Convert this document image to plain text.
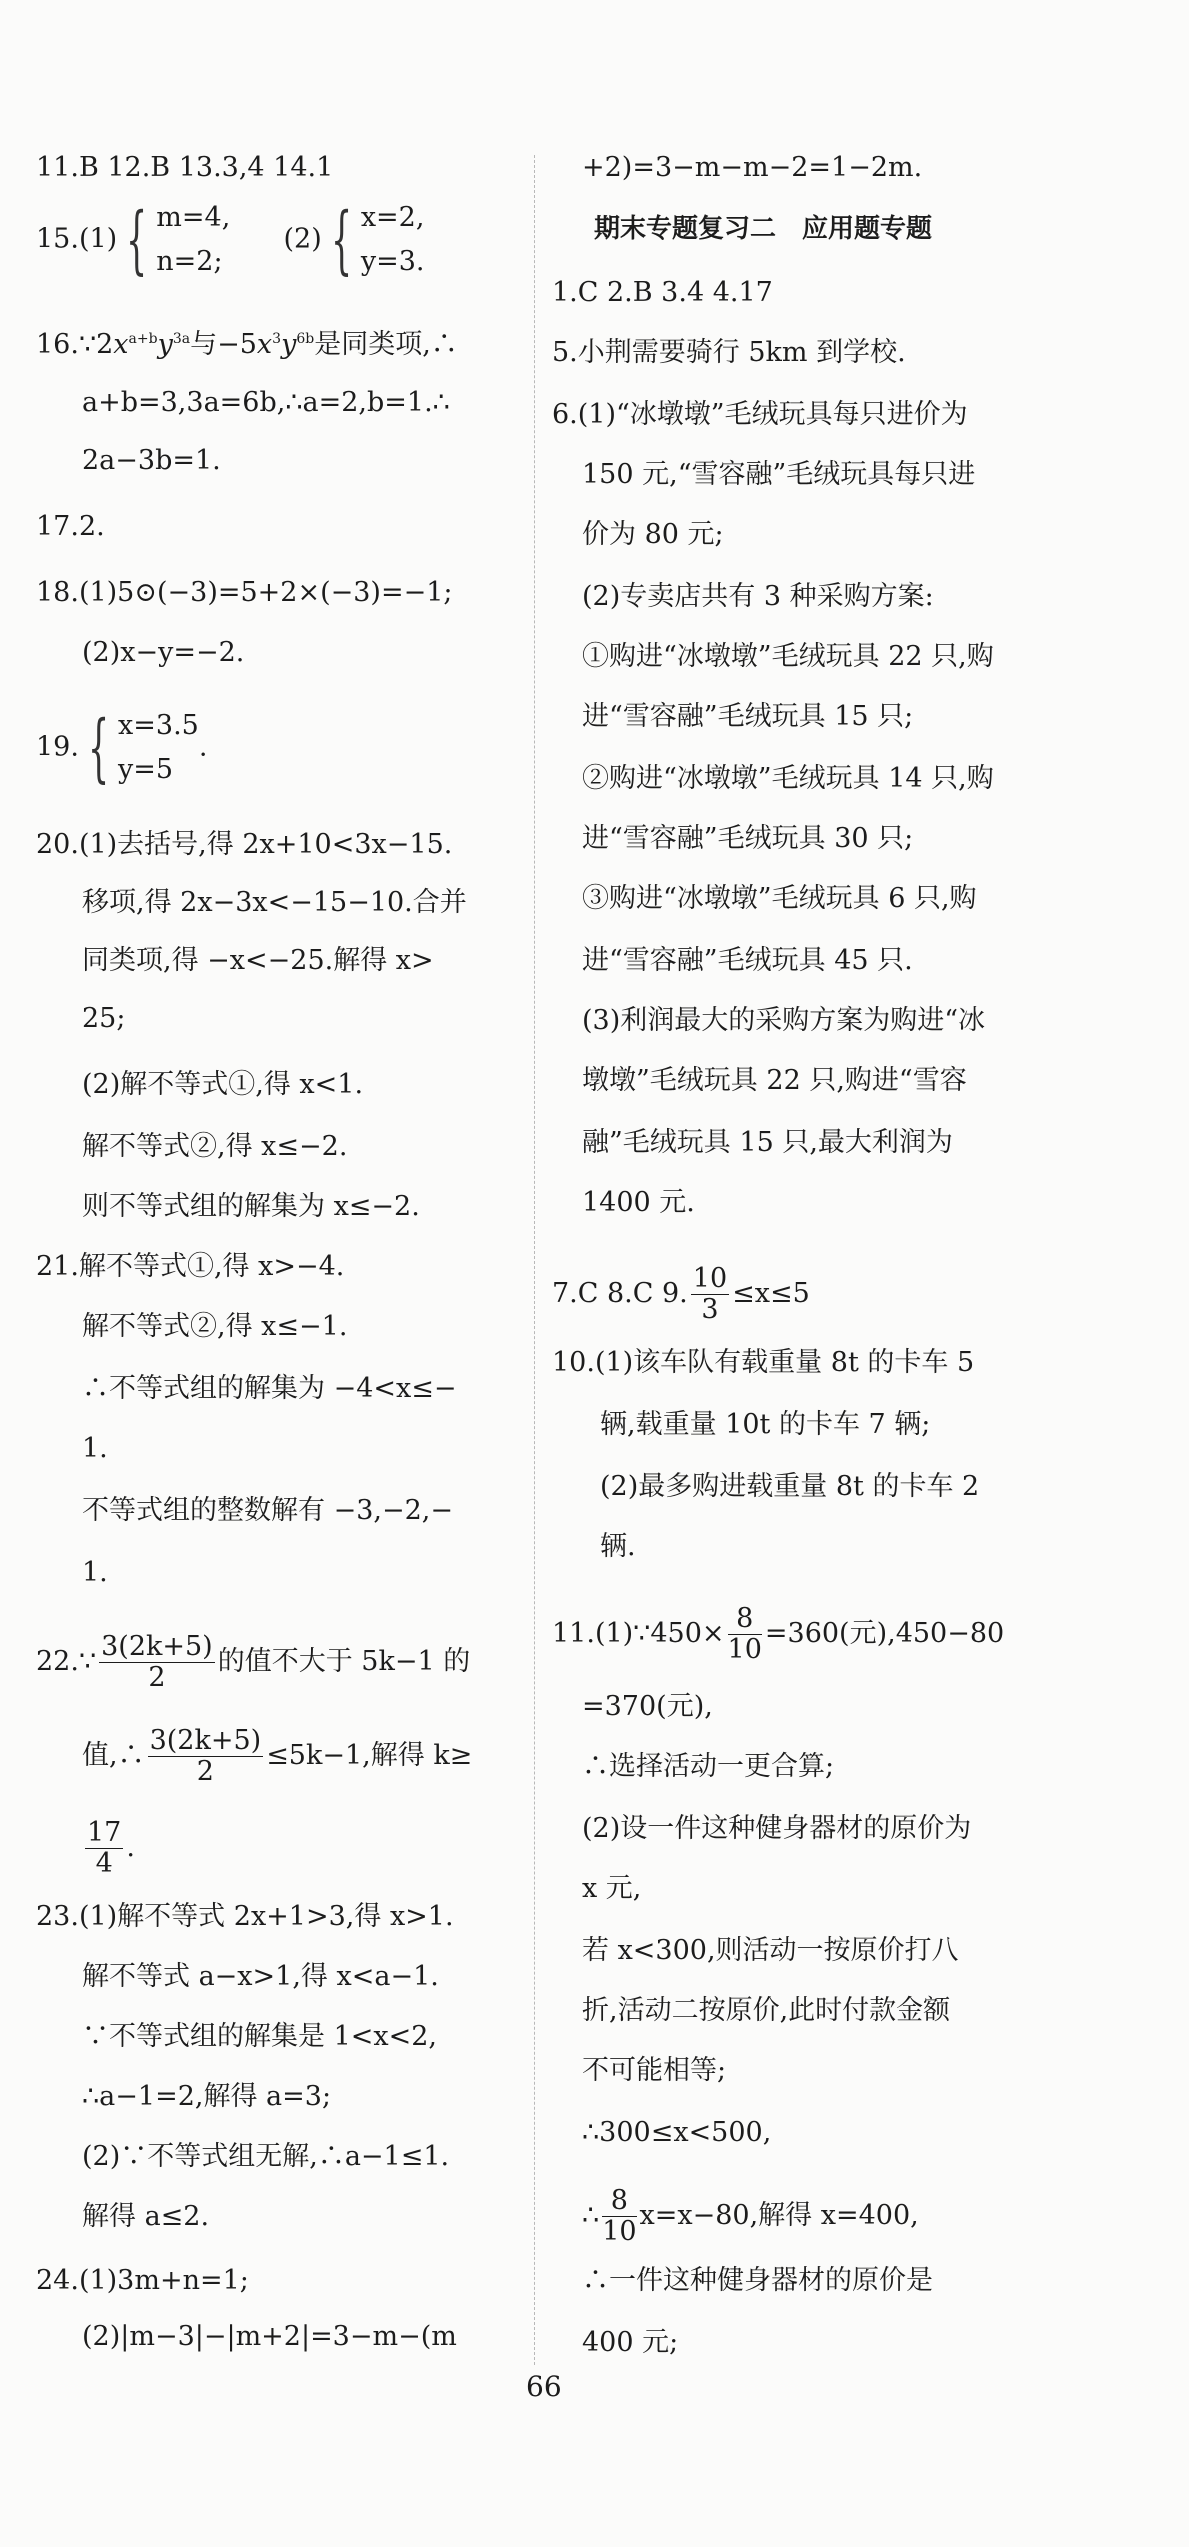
11.B 12.B 13.3,4 14.1
15.(1) { m=4,
n=2;
(2) { x=2,
y=3.
$16.\because 2x^{a+b}y^{3a}$与$-5x^3y^{6b}$是同类项,∴
a+b=3,3a=6b,∴a=2,b=1.∴
2a−3b=1.
17.2.
18.(1)5⊙(−3)=5+2×(−3)=−1;
(2)x−y=−2.
19. { x=3.5
y=5
.
20.(1)去括号,得 2x+10<3x−15.
移项,得 2x−3x<−15−10.合并
同类项,得 −x<−25.解得 x>
25;
(2)解不等式①,得 x<1.
解不等式②,得 x≤−2.
则不等式组的解集为 x≤−2.
21.解不等式①,得 x>−4.
解不等式②,得 x≤−1.
∴不等式组的解集为 −4<x≤−
1.
不等式组的整数解有 −3,−2,−
1.
22.∵ $\frac{3(2k+5)}{2}$ 的值不大于 5k−1 的
值,∴ $\frac{3(2k+5)}{2} \le 5k-1$,解得 k≥
$\frac{17}{4}$ .
23.(1)解不等式 2x+1>3,得 x>1.
解不等式 a−x>1,得 x<a−1.
∵不等式组的解集是 1<x<2,
∴a−1=2,解得 a=3;
(2)∵不等式组无解,∴a−1≤1.
解得 a≤2.
24.(1)3m+n=1;
(2)|m−3|−|m+2|=3−m−(m
+2)=3−m−m−2=1−2m.
期末专题复习二　应用题专题
1.C 2.B 3.4 4.17
5.小荆需要骑行 5km 到学校.
6.(1)“冰墩墩”毛绒玩具每只进价为
150 元,“雪容融”毛绒玩具每只进
价为 80 元;
(2)专卖店共有 3 种采购方案:
①购进“冰墩墩”毛绒玩具 22 只,购
进“雪容融”毛绒玩具 15 只;
②购进“冰墩墩”毛绒玩具 14 只,购
进“雪容融”毛绒玩具 30 只;
③购进“冰墩墩”毛绒玩具 6 只,购
进“雪容融”毛绒玩具 45 只.
(3)利润最大的采购方案为购进“冰
墩墩”毛绒玩具 22 只,购进“雪容
融”毛绒玩具 15 只,最大利润为
1400 元.
7.C 8.C 9. $\frac{10}{3} \le x\le 5$
10.(1)该车队有载重量 8t 的卡车 5
辆,载重量 10t 的卡车 7 辆;
(2)最多购进载重量 8t 的卡车 2
辆.
11.(1)∵450× $\frac{8}{10} =360$(元),450−80
=370(元),
∴选择活动一更合算;
(2)设一件这种健身器材的原价为
x 元,
若 x<300,则活动一按原价打八
折,活动二按原价,此时付款金额
不可能相等;
∴300≤x<500,
∴ $\frac{8}{10} x=x-80$,解得 x=400,
∴一件这种健身器材的原价是
400 元;
66
